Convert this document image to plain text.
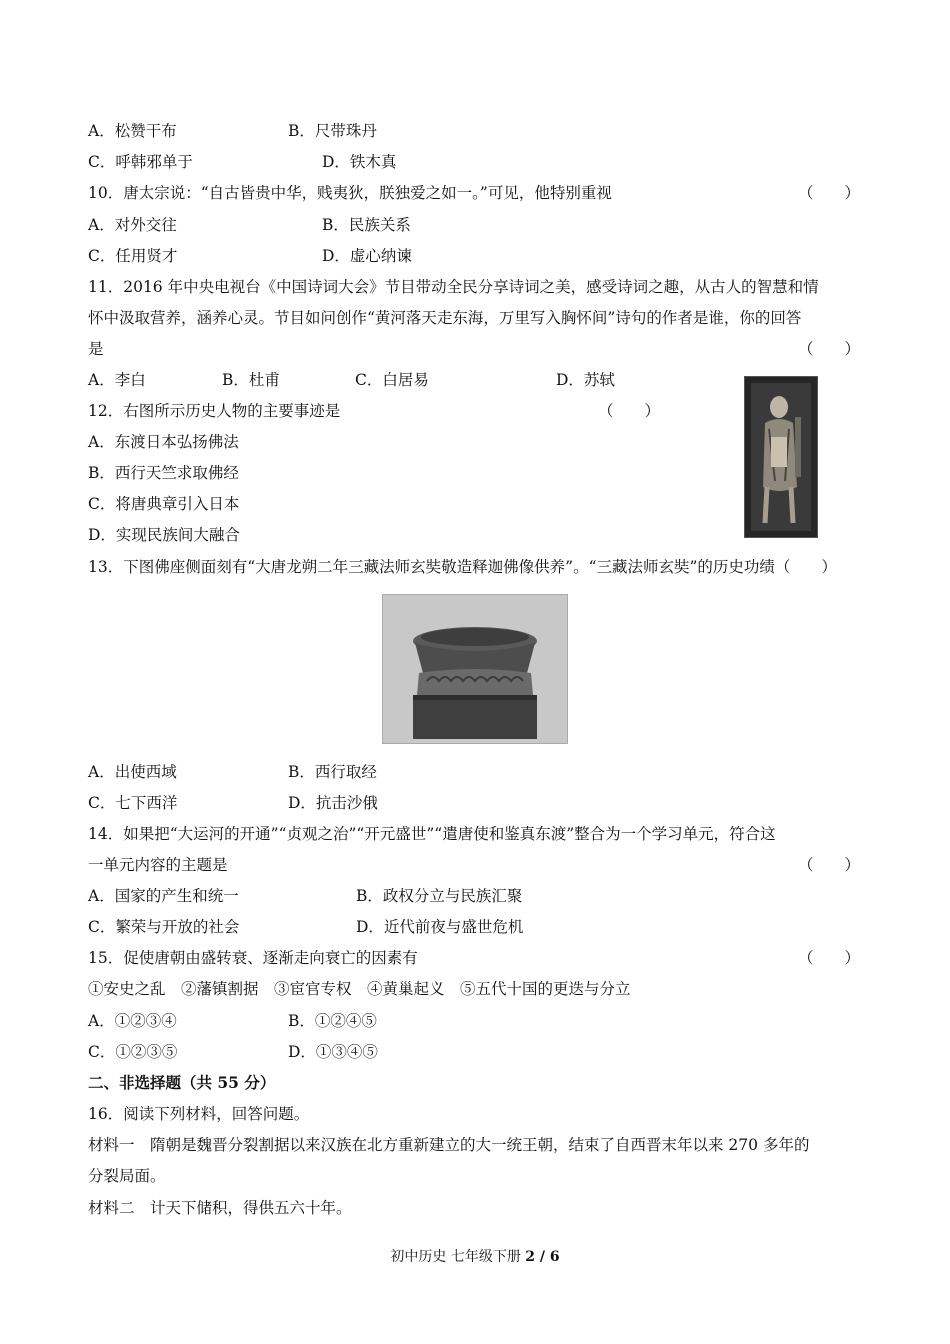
A．松赞干布	B．尺带珠丹
C．呼韩邪单于	D．铁木真
10．唐太宗说：“自古皆贵中华，贱夷狄，朕独爱之如一。”可见，他特别重视	（　　）
A．对外交往	B．民族关系
C．任用贤才	D．虚心纳谏
11．2016 年中央电视台《中国诗词大会》节目带动全民分享诗词之美，感受诗词之趣，从古人的智慧和情
怀中汲取营养，涵养心灵。节目如问创作“黄河落天走东海，万里写入胸怀间”诗句的作者是谁，你的回答
是	（　　）
A．李白	B．杜甫	C．白居易	D．苏轼
12．右图所示历史人物的主要事迹是	（　　）
A．东渡日本弘扬佛法
B．西行天竺求取佛经
C．将唐典章引入日本
D．实现民族间大融合
13．下图佛座侧面刻有“大唐龙朔二年三藏法师玄奘敬造释迦佛像供养”。“三藏法师玄奘”的历史功绩（　　）
A．出使西域	B．西行取经
C．七下西洋	D．抗击沙俄
14．如果把“大运河的开通”“贞观之治”“开元盛世”“遣唐使和鉴真东渡”整合为一个学习单元，符合这
一单元内容的主题是	（　　）
A．国家的产生和统一	B．政权分立与民族汇聚
C．繁荣与开放的社会	D．近代前夜与盛世危机
15．促使唐朝由盛转衰、逐渐走向衰亡的因素有	（　　）
①安史之乱　②藩镇割据　③宦官专权　④黄巢起义　⑤五代十国的更迭与分立
A．①②③④	B．①②④⑤
C．①②③⑤	D．①③④⑤
二、非选择题（共 55 分）
16．阅读下列材料，回答问题。
材料一　隋朝是魏晋分裂割据以来汉族在北方重新建立的大一统王朝，结束了自西晋末年以来 270 多年的
分裂局面。
材料二　计天下储积，得供五六十年。
初中历史 七年级下册 2 / 6
